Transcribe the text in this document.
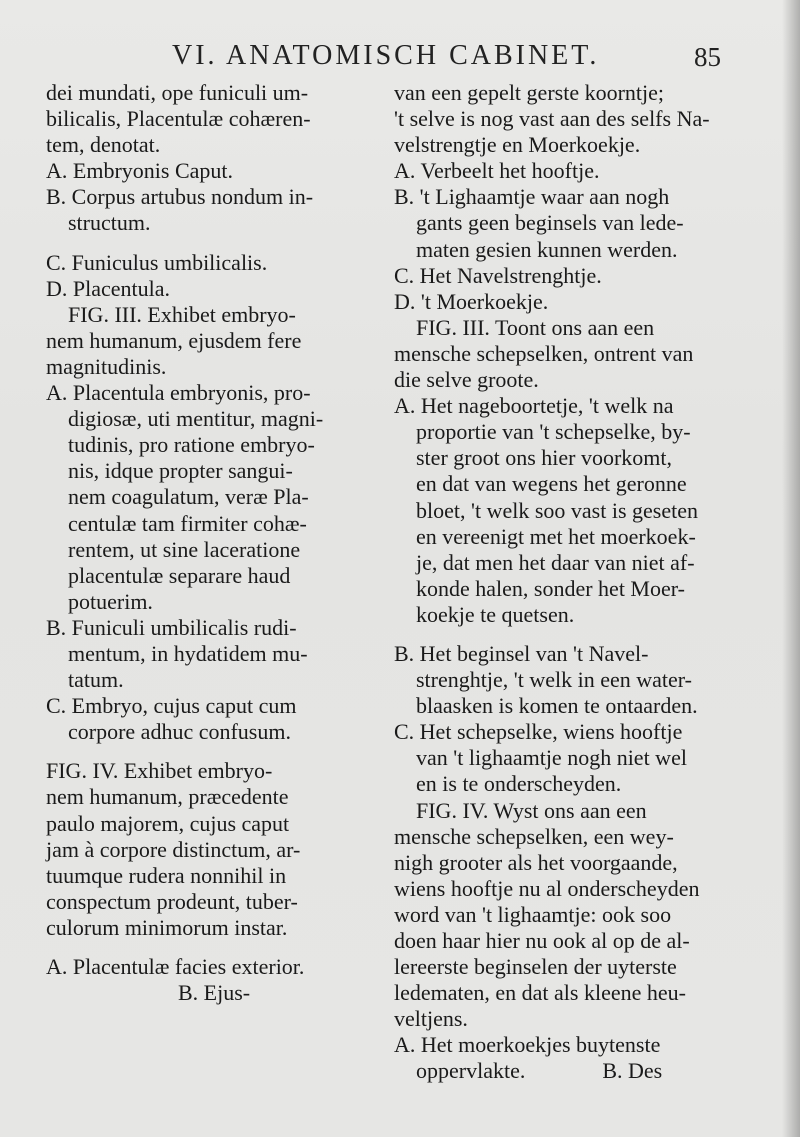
VI. ANATOMISCH CABINET.	85
dei mundati, ope funiculi um-
bilicalis, Placentulæ cohæren-
tem, denotat.
A. Embryonis Caput.
B. Corpus artubus nondum in-
structum.
C. Funiculus umbilicalis.
D. Placentula.
FIG. III. Exhibet embryo-
nem humanum, ejusdem fere
magnitudinis.
A. Placentula embryonis, pro-
digiosæ, uti mentitur, magni-
tudinis, pro ratione embryo-
nis, idque propter sangui-
nem coagulatum, veræ Pla-
centulæ tam firmiter cohæ-
rentem, ut sine laceratione
placentulæ separare haud
potuerim.
B. Funiculi umbilicalis rudi-
mentum, in hydatidem mu-
tatum.
C. Embryo, cujus caput cum
corpore adhuc confusum.
FIG. IV. Exhibet embryo-
nem humanum, præcedente
paulo majorem, cujus caput
jam à corpore distinctum, ar-
tuumque rudera nonnihil in
conspectum prodeunt, tuber-
culorum minimorum instar.
A. Placentulæ facies exterior.
B. Ejus-
van een gepelt gerste koorntje;
't selve is nog vast aan des selfs Na-
velstrengtje en Moerkoekje.
A. Verbeelt het hooftje.
B. 't Lighaamtje waar aan nogh
gants geen beginsels van lede-
maten gesien kunnen werden.
C. Het Navelstrenghtje.
D. 't Moerkoekje.
FIG. III. Toont ons aan een
mensche schepselken, ontrent van
die selve groote.
A. Het nageboortetje, 't welk na
proportie van 't schepselke, by-
ster groot ons hier voorkomt,
en dat van wegens het geronne
bloet, 't welk soo vast is geseten
en vereenigt met het moerkoek-
je, dat men het daar van niet af-
konde halen, sonder het Moer-
koekje te quetsen.
B. Het beginsel van 't Navel-
strenghtje, 't welk in een water-
blaasken is komen te ontaarden.
C. Het schepselke, wiens hooftje
van 't lighaamtje nogh niet wel
en is te onderscheyden.
FIG. IV. Wyst ons aan een
mensche schepselken, een wey-
nigh grooter als het voorgaande,
wiens hooftje nu al onderscheyden
word van 't lighaamtje: ook soo
doen haar hier nu ook al op de al-
lereerste beginselen der uyterste
ledematen, en dat als kleene heu-
veltjens.
A. Het moerkoekjes buytenste
oppervlakte.              B. Des
